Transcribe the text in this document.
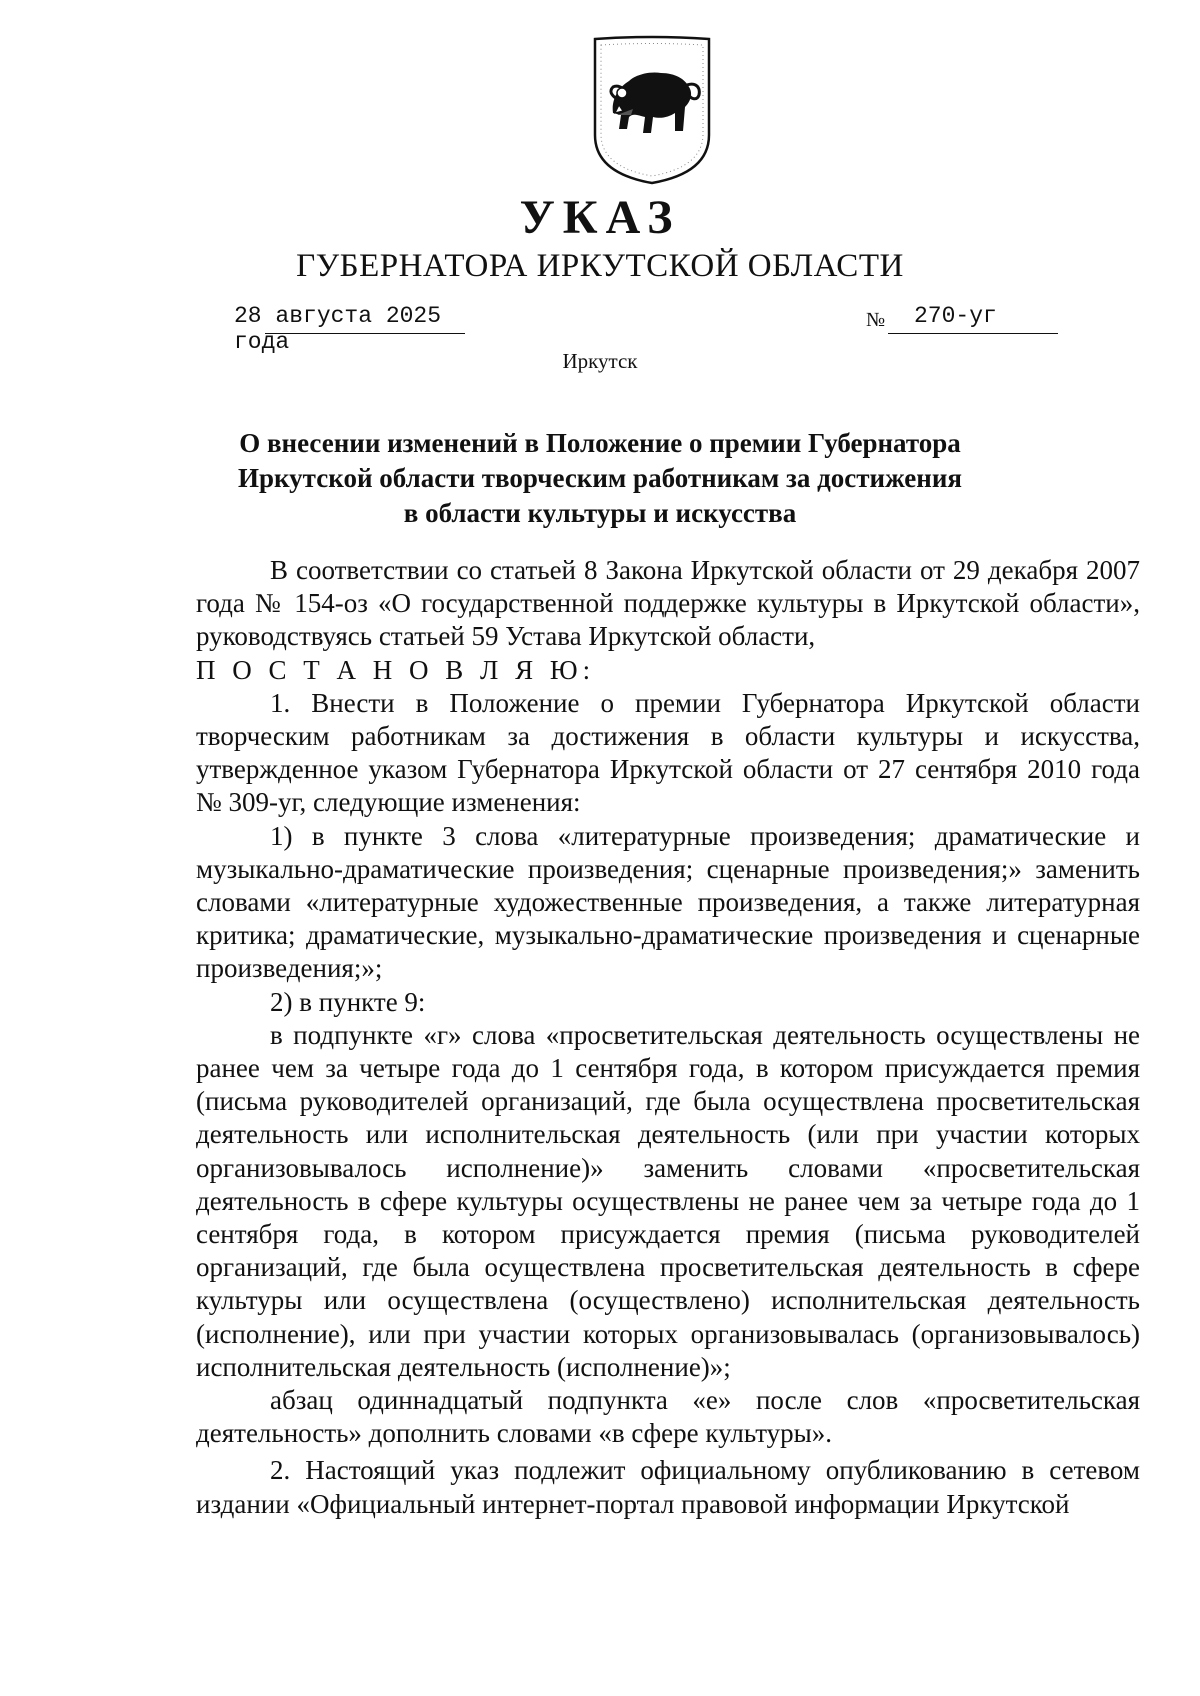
УКАЗ
ГУБЕРНАТОРА ИРКУТСКОЙ ОБЛАСТИ
28 августа 2025 года
№ 270-уг
Иркутск
О внесении изменений в Положение о премии Губернатора
Иркутской области творческим работникам за достижения
в области культуры и искусства

В соответствии со статьей 8 Закона Иркутской области от 29 декабря 2007 года № 154-оз «О государственной поддержке культуры в Иркутской области», руководствуясь статьей 59 Устава Иркутской области,

П О С Т А Н О В Л Я Ю:

1. Внести в Положение о премии Губернатора Иркутской области творческим работникам за достижения в области культуры и искусства, утвержденное указом Губернатора Иркутской области от 27 сентября 2010 года № 309-уг, следующие изменения:

1) в пункте 3 слова «литературные произведения; драматические и музыкально-драматические произведения; сценарные произведения;» заменить словами «литературные художественные произведения, а также литературная критика; драматические, музыкально-драматические произведения и сценарные произведения;»;

2) в пункте 9:

в подпункте «г» слова «просветительская деятельность осуществлены не ранее чем за четыре года до 1 сентября года, в котором присуждается премия (письма руководителей организаций, где была осуществлена просветительская деятельность или исполнительская деятельность (или при участии которых организовывалось исполнение)» заменить словами «просветительская деятельность в сфере культуры осуществлены не ранее чем за четыре года до 1 сентября года, в котором присуждается премия (письма руководителей организаций, где была осуществлена просветительская деятельность в сфере культуры или осуществлена (осуществлено) исполнительская деятельность (исполнение), или при участии которых организовывалась (организовывалось) исполнительская деятельность (исполнение)»;

абзац одиннадцатый подпункта «е» после слов «просветительская деятельность» дополнить словами «в сфере культуры».

2. Настоящий указ подлежит официальному опубликованию в сетевом издании «Официальный интернет-портал правовой информации Иркутской
